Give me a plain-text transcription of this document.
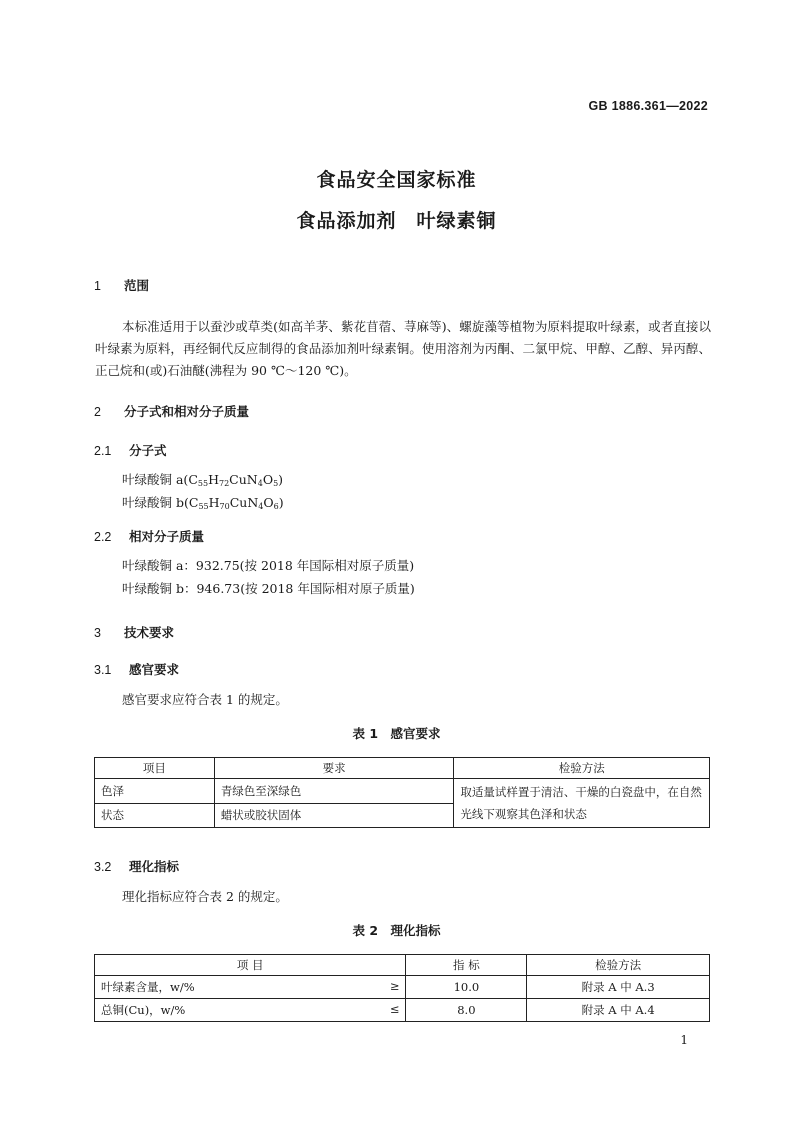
GB 1886.361—2022
食品安全国家标准
食品添加剂　叶绿素铜
1 范围
本标准适用于以蚕沙或草类(如高羊茅、紫花苜蓿、荨麻等)、螺旋藻等植物为原料提取叶绿素，或者直接以叶绿素为原料，再经铜代反应制得的食品添加剂叶绿素铜。使用溶剂为丙酮、二氯甲烷、甲醇、乙醇、异丙醇、正己烷和(或)石油醚(沸程为 90 ℃～120 ℃)。
2 分子式和相对分子质量
2.1 分子式
叶绿酸铜 $a(C_{55}H_{72}CuN_4O_5)$
叶绿酸铜 $b(C_{55}H_{70}CuN_4O_6)$
2.2 相对分子质量
叶绿酸铜 a：932.75(按 2018 年国际相对原子质量)
叶绿酸铜 b：946.73(按 2018 年国际相对原子质量)
3 技术要求
3.1 感官要求
感官要求应符合表 1 的规定。
表 1　感官要求
项目	要求	检验方法
色泽	青绿色至深绿色	取适量试样置于清洁、干燥的白瓷盘中，在自然光线下观察其色泽和状态
状态	蜡状或胶状固体	
3.2 理化指标
理化指标应符合表 2 的规定。
表 2　理化指标
项 目	指 标	检验方法
叶绿素含量，w/% ≥	10.0	附录 A 中 A.3
总铜(Cu)，w/% ≤	8.0	附录 A 中 A.4
1
